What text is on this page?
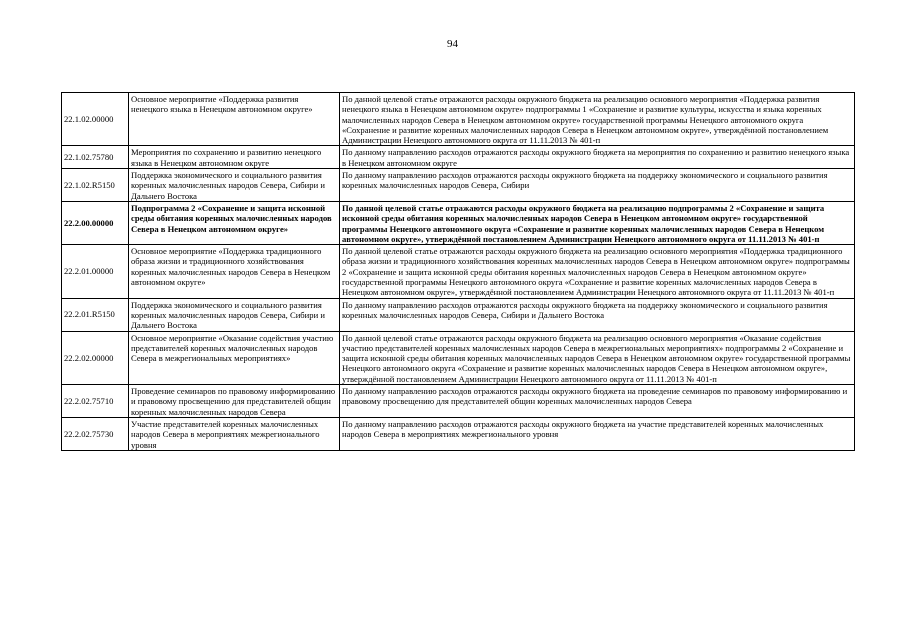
94
22.1.02.00000	Основное мероприятие «Поддержка развития ненецкого языка в Ненецком автономном округе»	По данной целевой статье отражаются расходы окружного бюджета на реализацию основного мероприятия «Поддержка развития ненецкого языка в Ненецком автономном округе» подпрограммы 1 «Сохранение и развитие культуры, искусства и языка коренных малочисленных народов Севера в Ненецком автономном округе» государственной программы Ненецкого автономного округа «Сохранение и развитие коренных малочисленных народов Севера в Ненецком автономном округе», утверждённой постановлением Администрации Ненецкого автономного округа от 11.11.2013 № 401-п
22.1.02.75780	Мероприятия по сохранению и развитию ненецкого языка в Ненецком автономном округе	По данному направлению расходов отражаются расходы окружного бюджета на мероприятия по сохранению и развитию ненецкого языка в Ненецком автономном округе
22.1.02.R5150	Поддержка экономического и социального развития коренных малочисленных народов Севера, Сибири и Дальнего Востока	По данному направлению расходов отражаются расходы окружного бюджета на поддержку экономического и социального развития коренных малочисленных народов Севера, Сибири
22.2.00.00000	Подпрограмма 2 «Сохранение и защита исконной среды обитания коренных малочисленных народов Севера в Ненецком автономном округе»	По данной целевой статье отражаются расходы окружного бюджета на реализацию подпрограммы 2 «Сохранение и защита исконной среды обитания коренных малочисленных народов Севера в Ненецком автономном округе» государственной программы Ненецкого автономного округа «Сохранение и развитие коренных малочисленных народов Севера в Ненецком автономном округе», утверждённой постановлением Администрации Ненецкого автономного округа от 11.11.2013 № 401-п
22.2.01.00000	Основное мероприятие «Поддержка традиционного образа жизни и традиционного хозяйствования коренных малочисленных народов Севера в Ненецком автономном округе»	По данной целевой статье отражаются расходы окружного бюджета на реализацию основного мероприятия «Поддержка традиционного образа жизни и традиционного хозяйствования коренных малочисленных народов Севера в Ненецком автономном округе» подпрограммы 2 «Сохранение и защита исконной среды обитания коренных малочисленных народов Севера в Ненецком автономном округе» государственной программы Ненецкого автономного округа «Сохранение и развитие коренных малочисленных народов Севера в Ненецком автономном округе», утверждённой постановлением Администрации Ненецкого автономного округа от 11.11.2013 № 401-п
22.2.01.R5150	Поддержка экономического и социального развития коренных малочисленных народов Севера, Сибири и Дальнего Востока	По данному направлению расходов отражаются расходы окружного бюджета на поддержку экономического и социального развития коренных малочисленных народов Севера, Сибири и Дальнего Востока
22.2.02.00000	Основное мероприятие «Оказание содействия участию представителей коренных малочисленных народов Севера в межрегиональных мероприятиях»	По данной целевой статье отражаются расходы окружного бюджета на реализацию основного мероприятия «Оказание содействия участию представителей коренных малочисленных народов Севера в межрегиональных мероприятиях» подпрограммы 2 «Сохранение и защита исконной среды обитания коренных малочисленных народов Севера в Ненецком автономном округе» государственной программы Ненецкого автономного округа «Сохранение и развитие коренных малочисленных народов Севера в Ненецком автономном округе», утверждённой постановлением Администрации Ненецкого автономного округа от 11.11.2013 № 401-п
22.2.02.75710	Проведение семинаров по правовому информированию и правовому просвещению для представителей общин коренных малочисленных народов Севера	По данному направлению расходов отражаются расходы окружного бюджета на проведение семинаров по правовому информированию и правовому просвещению для представителей общин коренных малочисленных народов Севера
22.2.02.75730	Участие представителей коренных малочисленных народов Севера в мероприятиях межрегионального уровня	По данному направлению расходов отражаются расходы окружного бюджета на участие представителей коренных малочисленных народов Севера в мероприятиях межрегионального уровня
